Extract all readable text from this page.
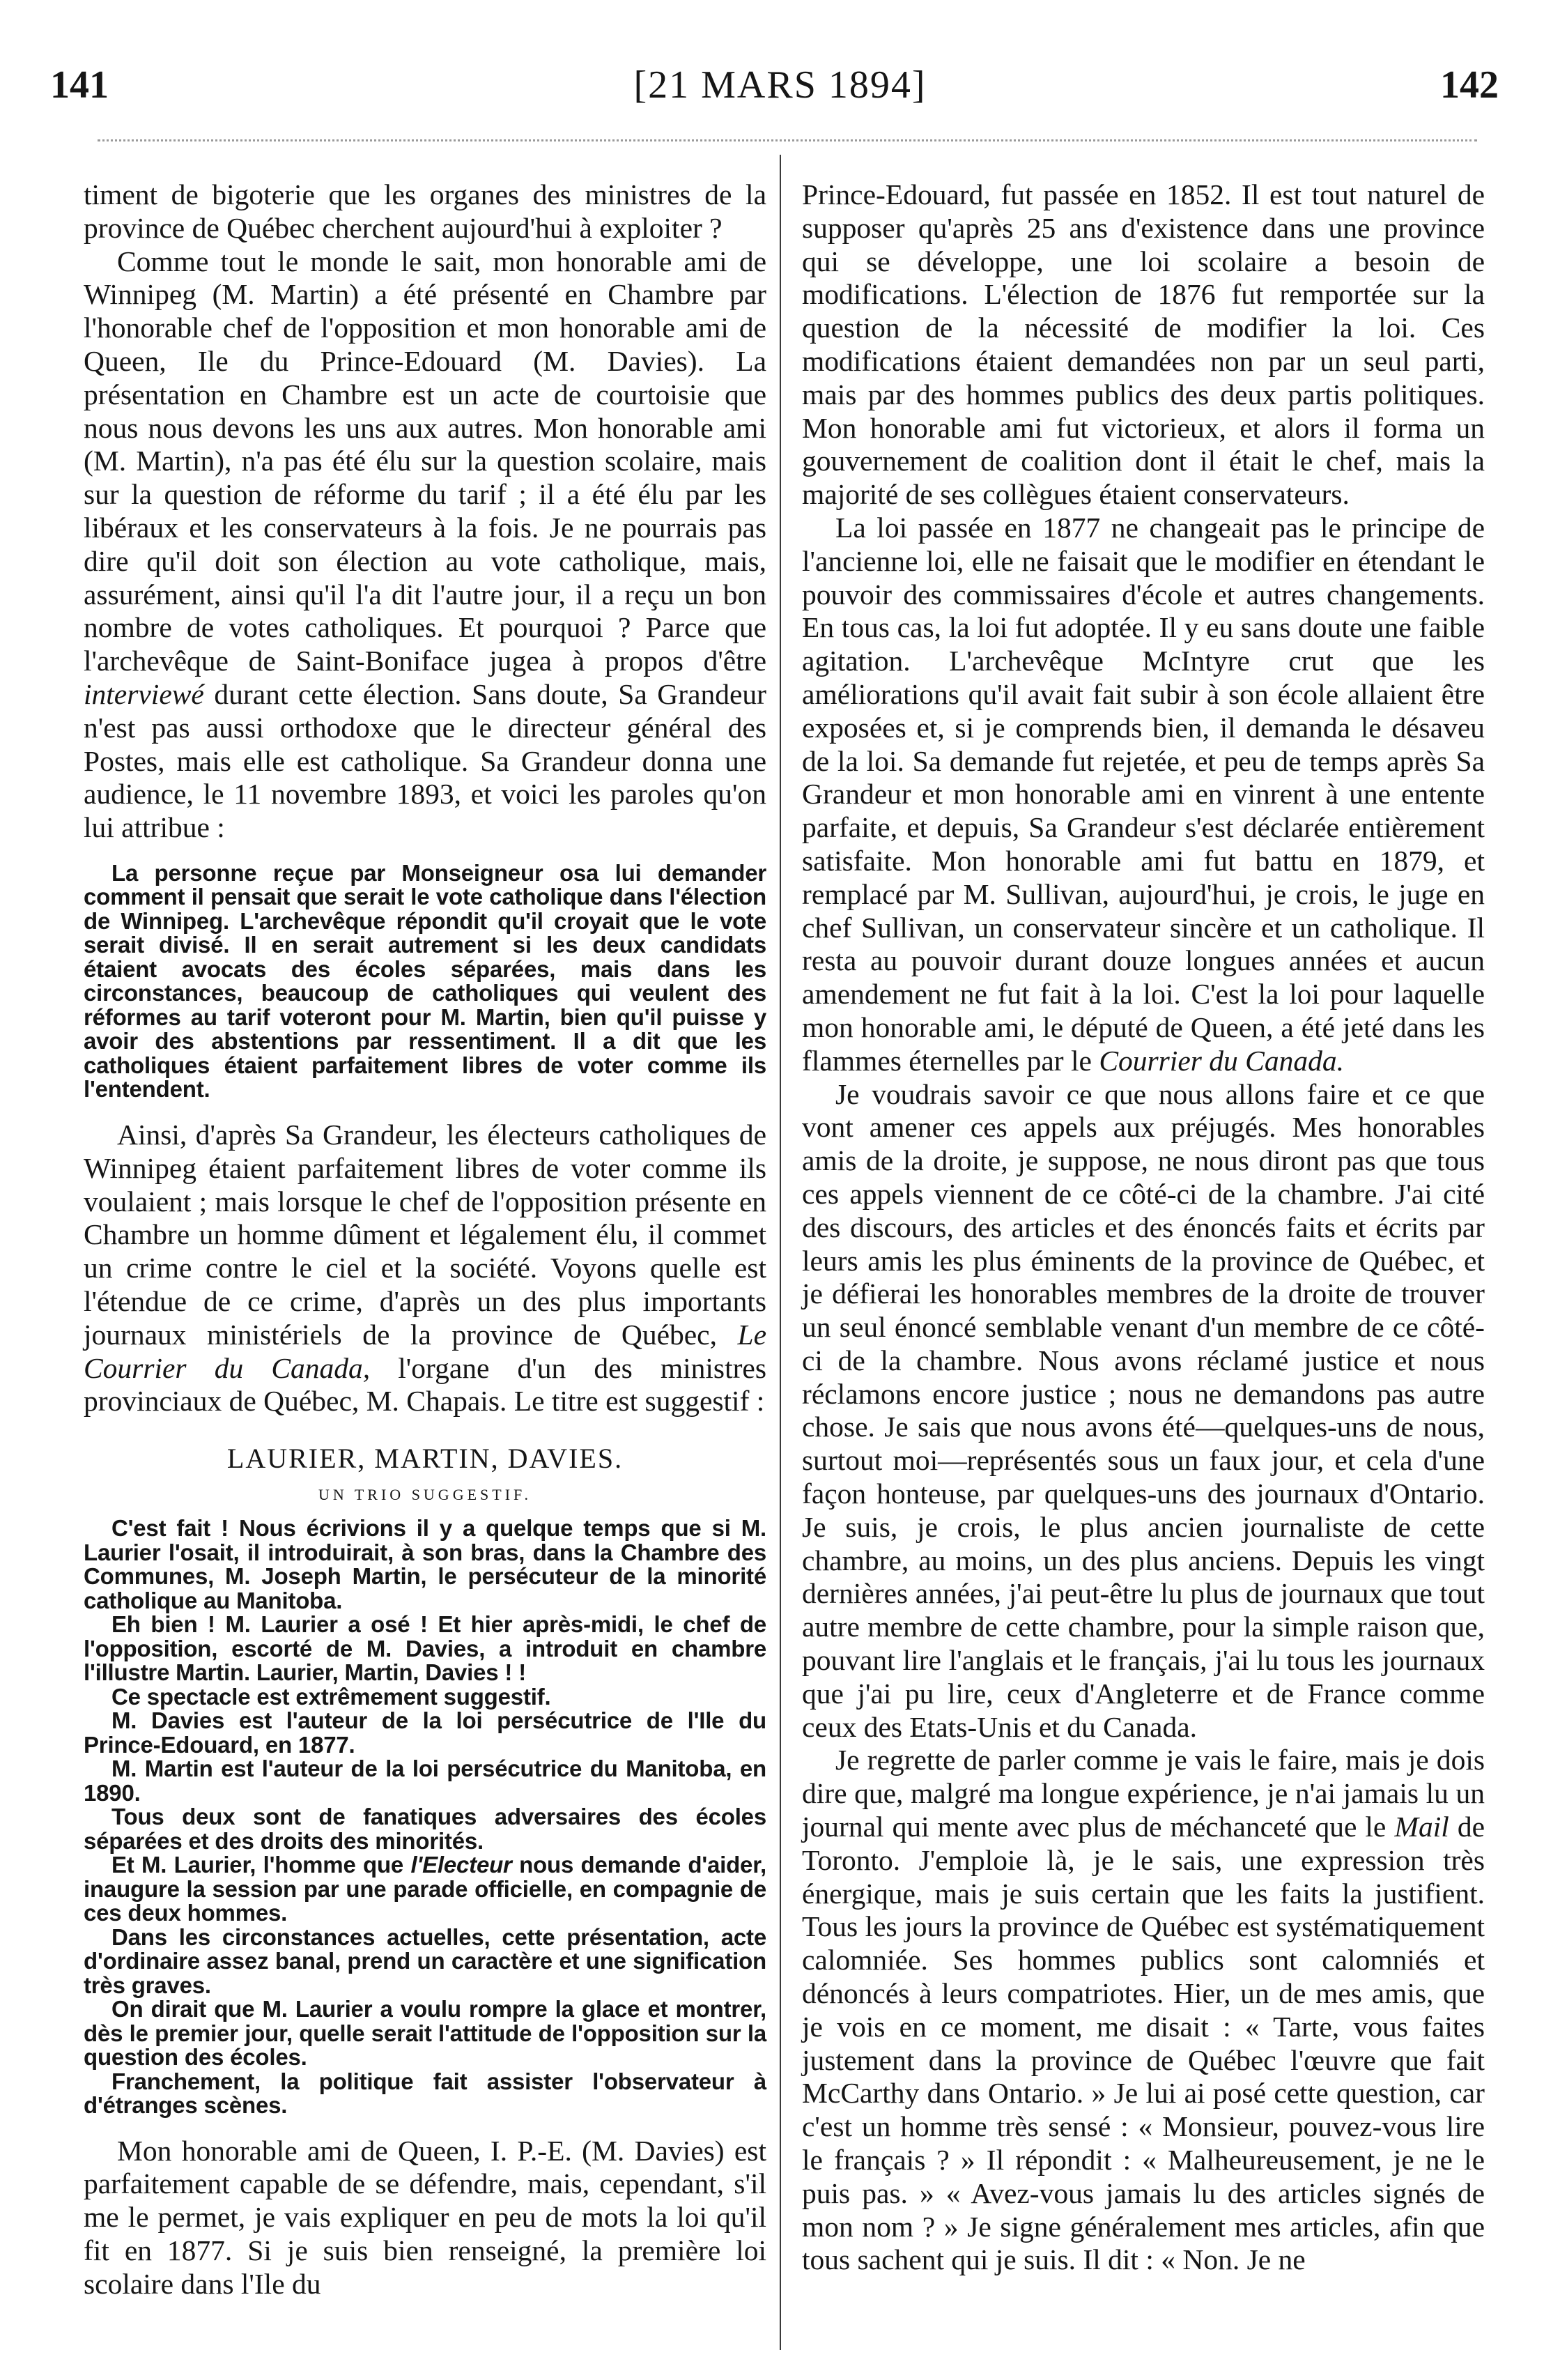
141	[21 MARS 1894]	142

timent de bigoterie que les organes des ministres de la province de Québec cherchent aujourd'hui à exploiter ?

Comme tout le monde le sait, mon honorable ami de Winnipeg (M. Martin) a été présenté en Chambre par l'honorable chef de l'opposition et mon honorable ami de Queen, Ile du Prince-Edouard (M. Davies). La présentation en Chambre est un acte de courtoisie que nous nous devons les uns aux autres. Mon honorable ami (M. Martin), n'a pas été élu sur la question scolaire, mais sur la question de réforme du tarif ; il a été élu par les libéraux et les conservateurs à la fois. Je ne pourrais pas dire qu'il doit son élection au vote catholique, mais, assurément, ainsi qu'il l'a dit l'autre jour, il a reçu un bon nombre de votes catholiques. Et pourquoi ? Parce que l'archevêque de Saint-Boniface jugea à propos d'être interviewé durant cette élection. Sans doute, Sa Grandeur n'est pas aussi orthodoxe que le directeur général des Postes, mais elle est catholique. Sa Grandeur donna une audience, le 11 novembre 1893, et voici les paroles qu'on lui attribue :

La personne reçue par Monseigneur osa lui demander comment il pensait que serait le vote catholique dans l'élection de Winnipeg. L'archevêque répondit qu'il croyait que le vote serait divisé. Il en serait autrement si les deux candidats étaient avocats des écoles séparées, mais dans les circonstances, beaucoup de catholiques qui veulent des réformes au tarif voteront pour M. Martin, bien qu'il puisse y avoir des abstentions par ressentiment. Il a dit que les catholiques étaient parfaitement libres de voter comme ils l'entendent.

Ainsi, d'après Sa Grandeur, les électeurs catholiques de Winnipeg étaient parfaitement libres de voter comme ils voulaient ; mais lorsque le chef de l'opposition présente en Chambre un homme dûment et légalement élu, il commet un crime contre le ciel et la société. Voyons quelle est l'étendue de ce crime, d'après un des plus importants journaux ministériels de la province de Québec, Le Courrier du Canada, l'organe d'un des ministres provinciaux de Québec, M. Chapais. Le titre est suggestif :

LAURIER, MARTIN, DAVIES.
UN TRIO SUGGESTIF.

C'est fait ! Nous écrivions il y a quelque temps que si M. Laurier l'osait, il introduirait, à son bras, dans la Chambre des Communes, M. Joseph Martin, le persécuteur de la minorité catholique au Manitoba.

Eh bien ! M. Laurier a osé ! Et hier après-midi, le chef de l'opposition, escorté de M. Davies, a introduit en chambre l'illustre Martin. Laurier, Martin, Davies ! !

Ce spectacle est extrêmement suggestif.

M. Davies est l'auteur de la loi persécutrice de l'Ile du Prince-Edouard, en 1877.

M. Martin est l'auteur de la loi persécutrice du Manitoba, en 1890.

Tous deux sont de fanatiques adversaires des écoles séparées et des droits des minorités.

Et M. Laurier, l'homme que l'Electeur nous demande d'aider, inaugure la session par une parade officielle, en compagnie de ces deux hommes.

Dans les circonstances actuelles, cette présentation, acte d'ordinaire assez banal, prend un caractère et une signification très graves.

On dirait que M. Laurier a voulu rompre la glace et montrer, dès le premier jour, quelle serait l'attitude de l'opposition sur la question des écoles.

Franchement, la politique fait assister l'observateur à d'étranges scènes.

Mon honorable ami de Queen, I. P.-E. (M. Davies) est parfaitement capable de se défendre, mais, cependant, s'il me le permet, je vais expliquer en peu de mots la loi qu'il fit en 1877. Si je suis bien renseigné, la première loi scolaire dans l'Ile du

Prince-Edouard, fut passée en 1852. Il est tout naturel de supposer qu'après 25 ans d'existence dans une province qui se développe, une loi scolaire a besoin de modifications. L'élection de 1876 fut remportée sur la question de la nécessité de modifier la loi. Ces modifications étaient demandées non par un seul parti, mais par des hommes publics des deux partis politiques. Mon honorable ami fut victorieux, et alors il forma un gouvernement de coalition dont il était le chef, mais la majorité de ses collègues étaient conservateurs.

La loi passée en 1877 ne changeait pas le principe de l'ancienne loi, elle ne faisait que le modifier en étendant le pouvoir des commissaires d'école et autres changements. En tous cas, la loi fut adoptée. Il y eu sans doute une faible agitation. L'archevêque McIntyre crut que les améliorations qu'il avait fait subir à son école allaient être exposées et, si je comprends bien, il demanda le désaveu de la loi. Sa demande fut rejetée, et peu de temps après Sa Grandeur et mon honorable ami en vinrent à une entente parfaite, et depuis, Sa Grandeur s'est déclarée entièrement satisfaite. Mon honorable ami fut battu en 1879, et remplacé par M. Sullivan, aujourd'hui, je crois, le juge en chef Sullivan, un conservateur sincère et un catholique. Il resta au pouvoir durant douze longues années et aucun amendement ne fut fait à la loi. C'est la loi pour laquelle mon honorable ami, le député de Queen, a été jeté dans les flammes éternelles par le Courrier du Canada.

Je voudrais savoir ce que nous allons faire et ce que vont amener ces appels aux préjugés. Mes honorables amis de la droite, je suppose, ne nous diront pas que tous ces appels viennent de ce côté-ci de la chambre. J'ai cité des discours, des articles et des énoncés faits et écrits par leurs amis les plus éminents de la province de Québec, et je défierai les honorables membres de la droite de trouver un seul énoncé semblable venant d'un membre de ce côté-ci de la chambre. Nous avons réclamé justice et nous réclamons encore justice ; nous ne demandons pas autre chose. Je sais que nous avons été—quelques-uns de nous, surtout moi—représentés sous un faux jour, et cela d'une façon honteuse, par quelques-uns des journaux d'Ontario. Je suis, je crois, le plus ancien journaliste de cette chambre, au moins, un des plus anciens. Depuis les vingt dernières années, j'ai peut-être lu plus de journaux que tout autre membre de cette chambre, pour la simple raison que, pouvant lire l'anglais et le français, j'ai lu tous les journaux que j'ai pu lire, ceux d'Angleterre et de France comme ceux des Etats-Unis et du Canada.

Je regrette de parler comme je vais le faire, mais je dois dire que, malgré ma longue expérience, je n'ai jamais lu un journal qui mente avec plus de méchanceté que le Mail de Toronto. J'emploie là, je le sais, une expression très énergique, mais je suis certain que les faits la justifient. Tous les jours la province de Québec est systématiquement calomniée. Ses hommes publics sont calomniés et dénoncés à leurs compatriotes. Hier, un de mes amis, que je vois en ce moment, me disait : « Tarte, vous faites justement dans la province de Québec l'œuvre que fait McCarthy dans Ontario. » Je lui ai posé cette question, car c'est un homme très sensé : « Monsieur, pouvez-vous lire le français ? » Il répondit : « Malheureusement, je ne le puis pas. » « Avez-vous jamais lu des articles signés de mon nom ? » Je signe généralement mes articles, afin que tous sachent qui je suis. Il dit : « Non. Je ne
